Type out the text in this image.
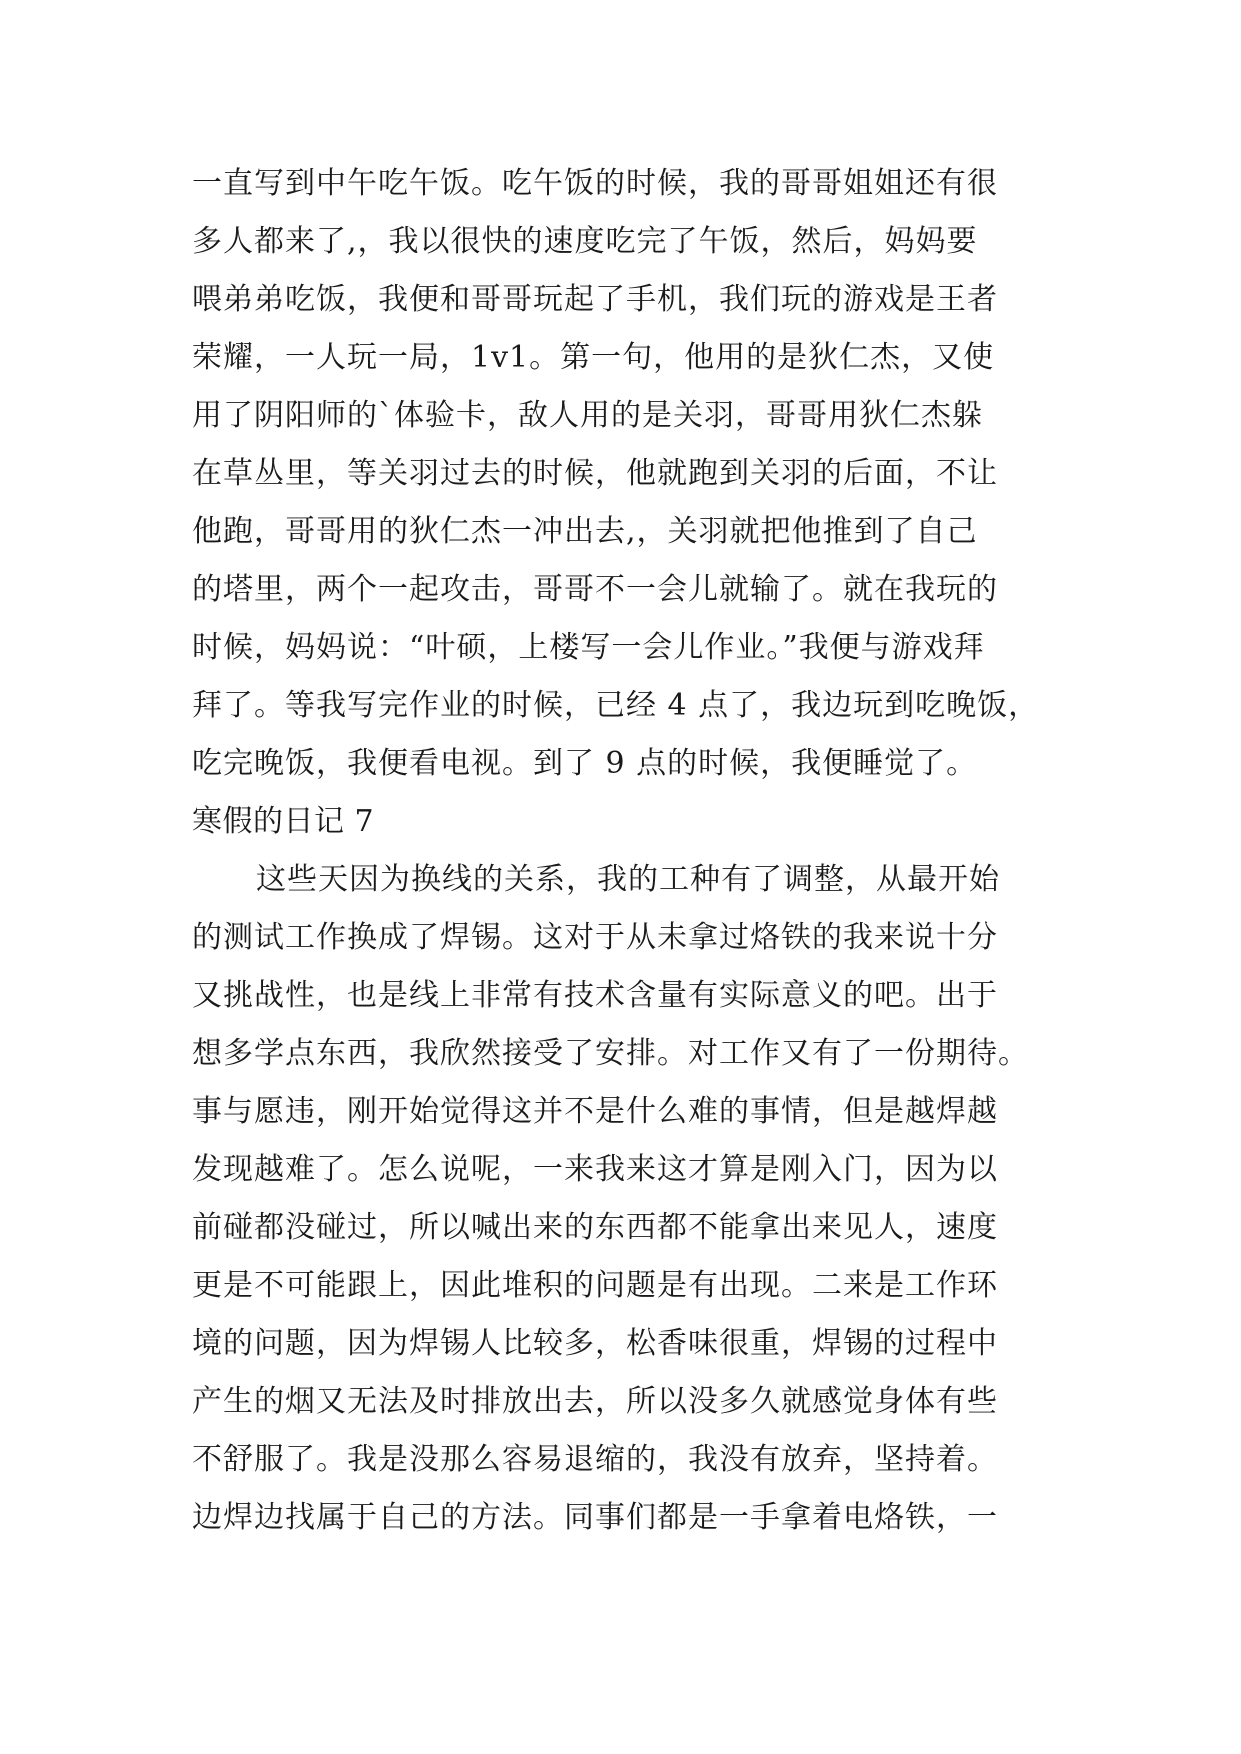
一直写到中午吃午饭。吃午饭的时候，我的哥哥姐姐还有很
多人都来了,，我以很快的速度吃完了午饭，然后，妈妈要
喂弟弟吃饭，我便和哥哥玩起了手机，我们玩的游戏是王者
荣耀，一人玩一局，1v1。第一句，他用的是狄仁杰，又使
用了阴阳师的`体验卡，敌人用的是关羽，哥哥用狄仁杰躲
在草丛里，等关羽过去的时候，他就跑到关羽的后面，不让
他跑，哥哥用的狄仁杰一冲出去,，关羽就把他推到了自己
的塔里，两个一起攻击，哥哥不一会儿就输了。就在我玩的
时候，妈妈说：“叶硕，上楼写一会儿作业。”我便与游戏拜
拜了。等我写完作业的时候，已经 4 点了，我边玩到吃晚饭，
吃完晚饭，我便看电视。到了 9 点的时候，我便睡觉了。
寒假的日记 7
这些天因为换线的关系，我的工种有了调整，从最开始
的测试工作换成了焊锡。这对于从未拿过烙铁的我来说十分
又挑战性，也是线上非常有技术含量有实际意义的吧。出于
想多学点东西，我欣然接受了安排。对工作又有了一份期待。
事与愿违，刚开始觉得这并不是什么难的事情，但是越焊越
发现越难了。怎么说呢，一来我来这才算是刚入门，因为以
前碰都没碰过，所以喊出来的东西都不能拿出来见人，速度
更是不可能跟上，因此堆积的问题是有出现。二来是工作环
境的问题，因为焊锡人比较多，松香味很重，焊锡的过程中
产生的烟又无法及时排放出去，所以没多久就感觉身体有些
不舒服了。我是没那么容易退缩的，我没有放弃，坚持着。
边焊边找属于自己的方法。同事们都是一手拿着电烙铁，一
